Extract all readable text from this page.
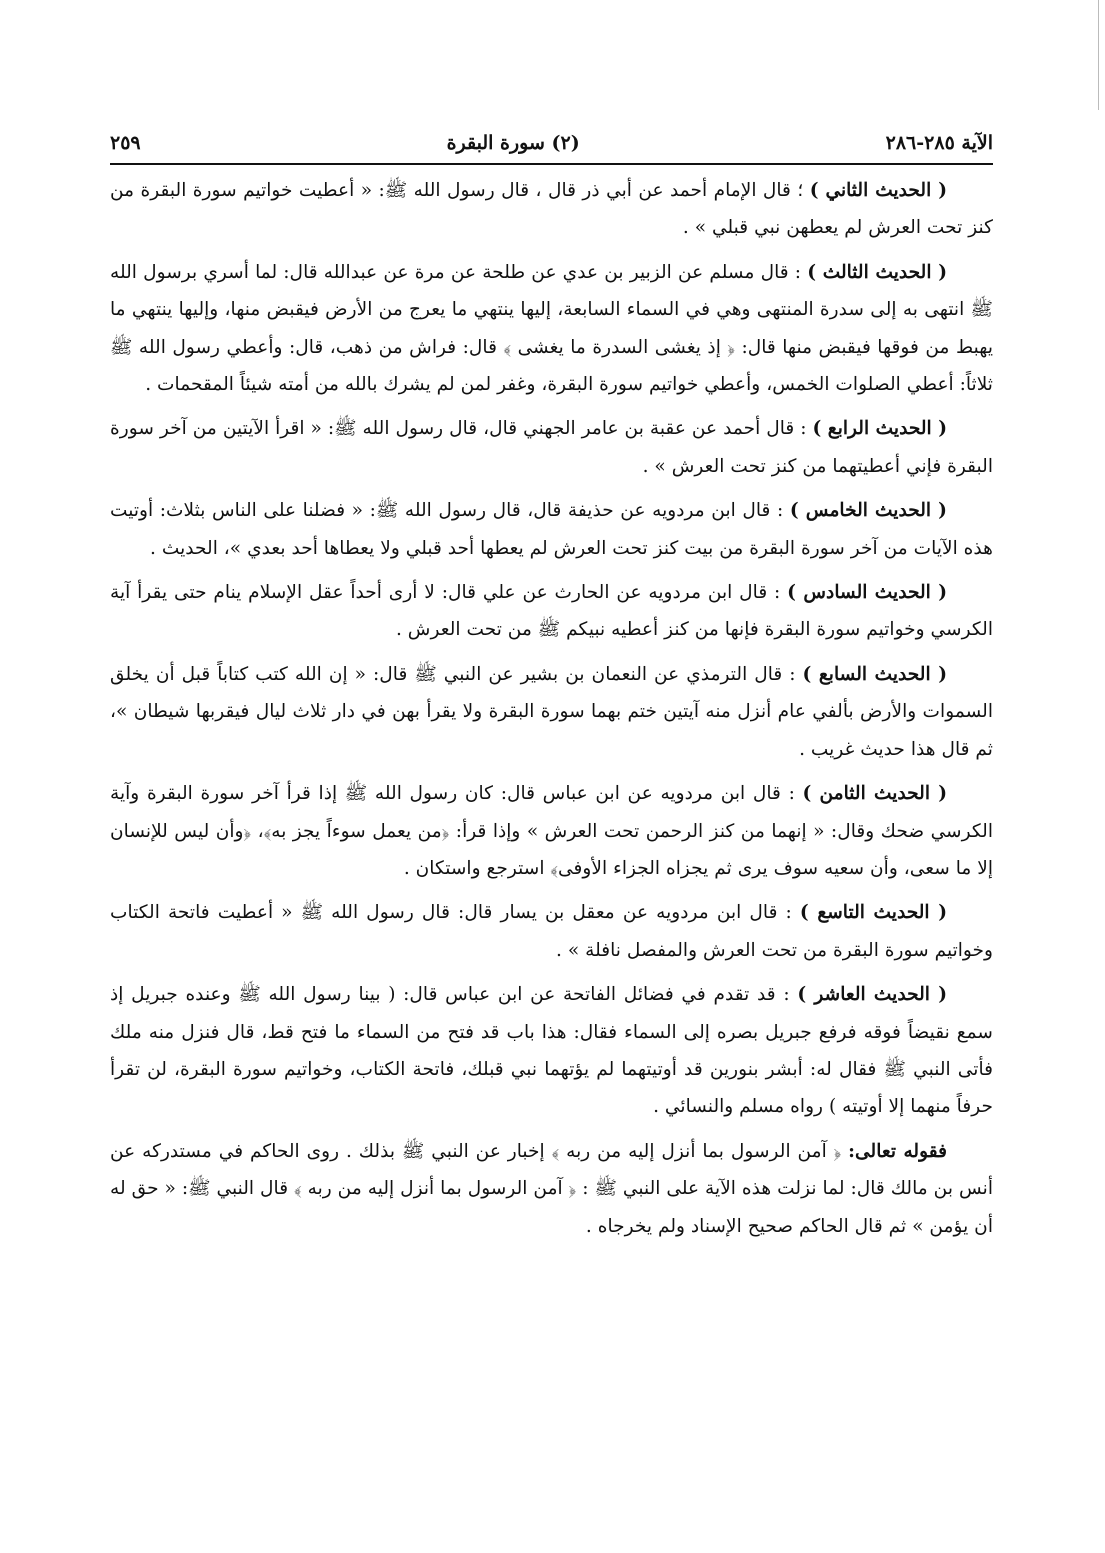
الآية ٢٨٥-٢٨٦
(٢) سورة البقرة
٢٥٩

( الحديث الثاني ) ؛ قال الإمام أحمد عن أبي ذر قال ، قال رسول الله ﷺ: « أعطيت خواتيم سورة البقرة من كنز تحت العرش لم يعطهن نبي قبلي » .

( الحديث الثالث ) : قال مسلم عن الزبير بن عدي عن طلحة عن مرة عن عبدالله قال: لما أسري برسول الله ﷺ انتهى به إلى سدرة المنتهى وهي في السماء السابعة، إليها ينتهي ما يعرج من الأرض فيقبض منها، وإليها ينتهي ما يهبط من فوقها فيقبض منها قال: ﴿ إذ يغشى السدرة ما يغشى ﴾ قال: فراش من ذهب، قال: وأعطي رسول الله ﷺ ثلاثاً: أعطي الصلوات الخمس، وأعطي خواتيم سورة البقرة، وغفر لمن لم يشرك بالله من أمته شيئاً المقحمات .

( الحديث الرابع ) : قال أحمد عن عقبة بن عامر الجهني قال، قال رسول الله ﷺ: « اقرأ الآيتين من آخر سورة البقرة فإني أعطيتهما من كنز تحت العرش » .

( الحديث الخامس ) : قال ابن مردويه عن حذيفة قال، قال رسول الله ﷺ: « فضلنا على الناس بثلاث: أوتيت هذه الآيات من آخر سورة البقرة من بيت كنز تحت العرش لم يعطها أحد قبلي ولا يعطاها أحد بعدي »، الحديث .

( الحديث السادس ) : قال ابن مردويه عن الحارث عن علي قال: لا أرى أحداً عقل الإسلام ينام حتى يقرأ آية الكرسي وخواتيم سورة البقرة فإنها من كنز أعطيه نبيكم ﷺ من تحت العرش .

( الحديث السابع ) : قال الترمذي عن النعمان بن بشير عن النبي ﷺ قال: « إن الله كتب كتاباً قبل أن يخلق السموات والأرض بألفي عام أنزل منه آيتين ختم بهما سورة البقرة ولا يقرأ بهن في دار ثلاث ليال فيقربها شيطان »، ثم قال هذا حديث غريب .

( الحديث الثامن ) : قال ابن مردويه عن ابن عباس قال: كان رسول الله ﷺ إذا قرأ آخر سورة البقرة وآية الكرسي ضحك وقال: « إنهما من كنز الرحمن تحت العرش » وإذا قرأ: ﴿من يعمل سوءاً يجز به﴾، ﴿وأن ليس للإنسان إلا ما سعى، وأن سعيه سوف يرى ثم يجزاه الجزاء الأوفى﴾ استرجع واستكان .

( الحديث التاسع ) : قال ابن مردويه عن معقل بن يسار قال: قال رسول الله ﷺ « أعطيت فاتحة الكتاب وخواتيم سورة البقرة من تحت العرش والمفصل نافلة » .

( الحديث العاشر ) : قد تقدم في فضائل الفاتحة عن ابن عباس قال: ( بينا رسول الله ﷺ وعنده جبريل إذ سمع نقيضاً فوقه فرفع جبريل بصره إلى السماء فقال: هذا باب قد فتح من السماء ما فتح قط، قال فنزل منه ملك فأتى النبي ﷺ فقال له: أبشر بنورين قد أوتيتهما لم يؤتهما نبي قبلك، فاتحة الكتاب، وخواتيم سورة البقرة، لن تقرأ حرفاً منهما إلا أوتيته ) رواه مسلم والنسائي .

فقوله تعالى: ﴿ آمن الرسول بما أنزل إليه من ربه ﴾ إخبار عن النبي ﷺ بذلك . روى الحاكم في مستدركه عن أنس بن مالك قال: لما نزلت هذه الآية على النبي ﷺ : ﴿ آمن الرسول بما أنزل إليه من ربه ﴾ قال النبي ﷺ: « حق له أن يؤمن » ثم قال الحاكم صحيح الإسناد ولم يخرجاه .
